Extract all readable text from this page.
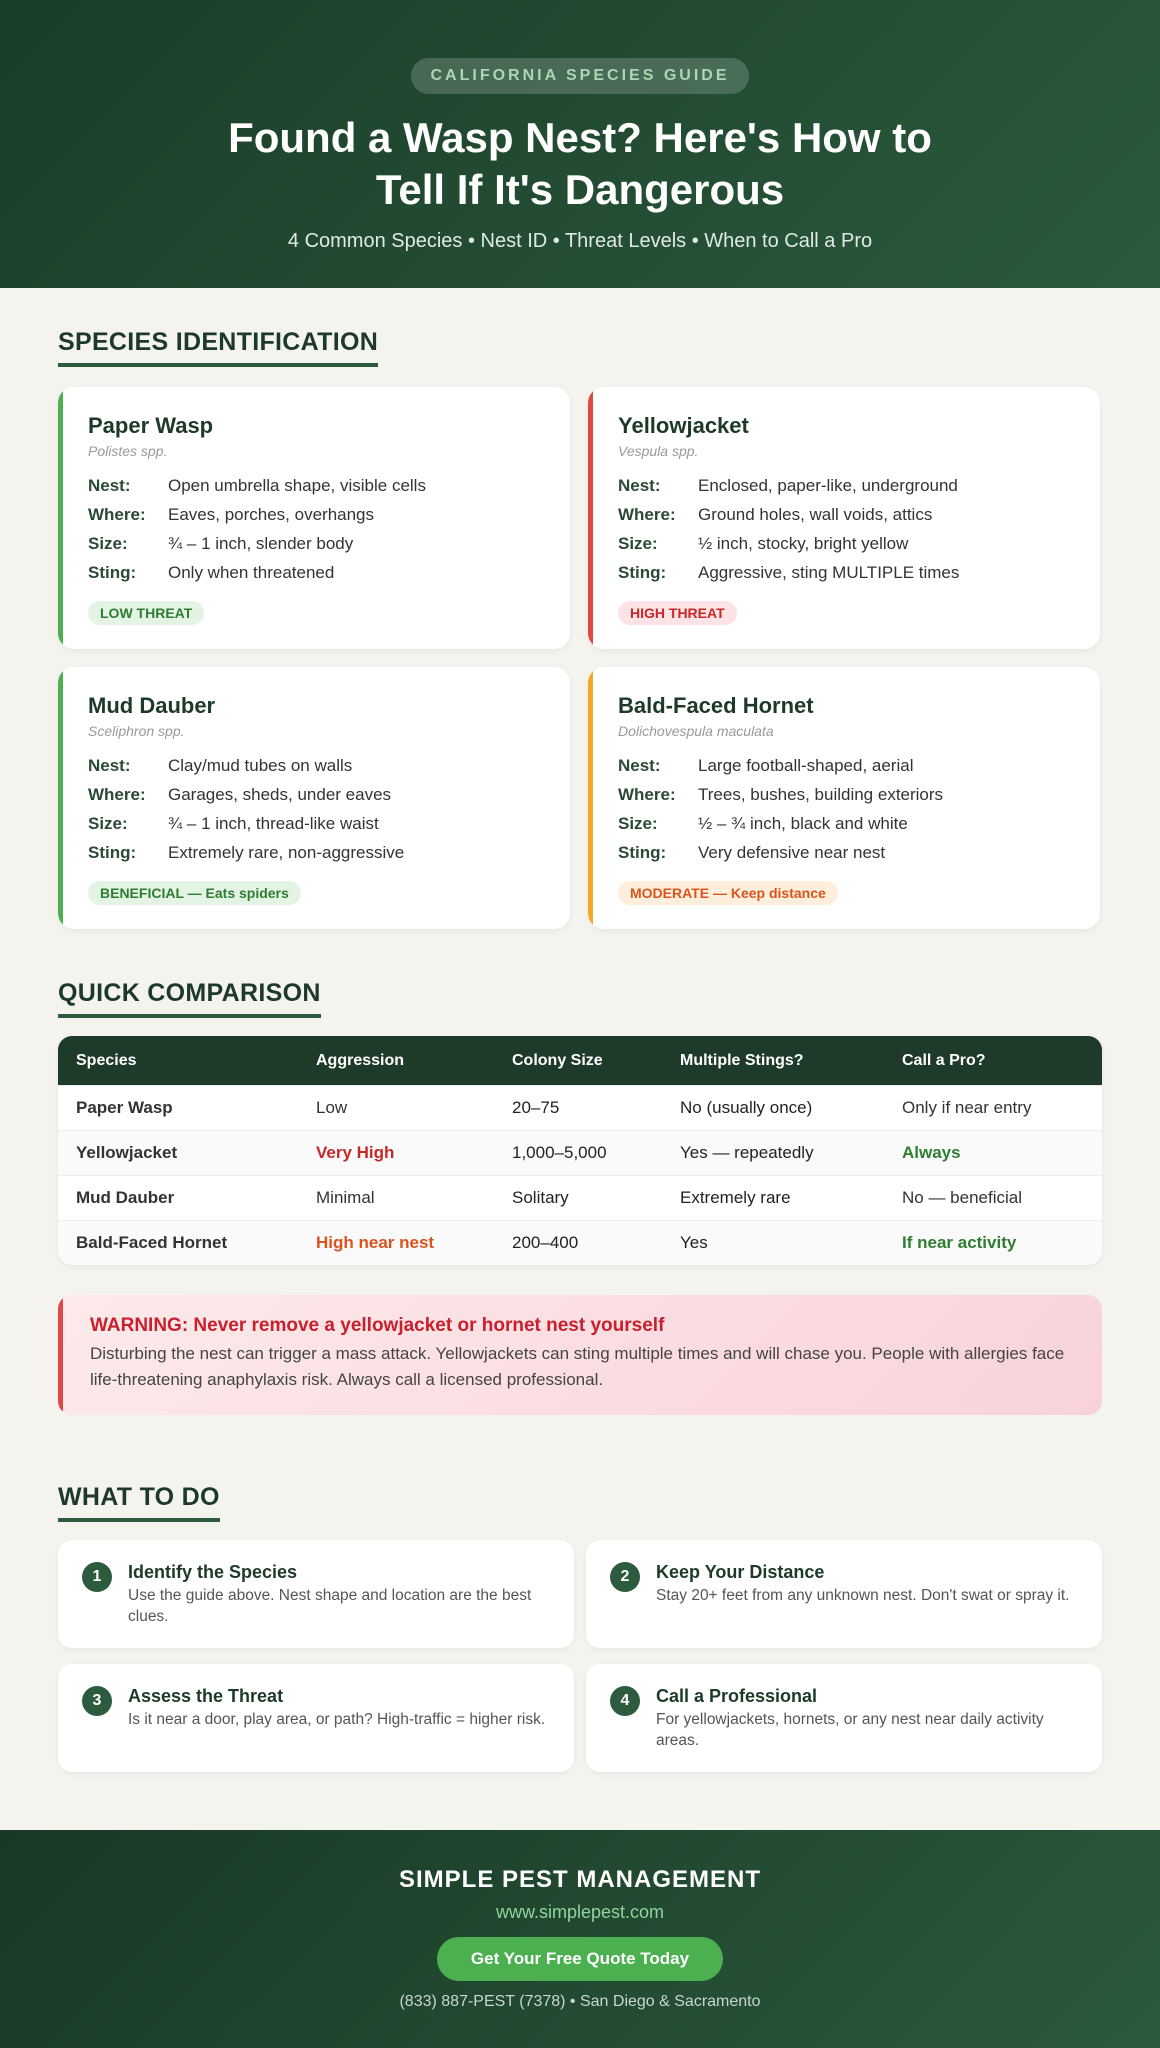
CALIFORNIA SPECIES GUIDE
Found a Wasp Nest? Here's How to Tell If It's Dangerous
4 Common Species • Nest ID • Threat Levels • When to Call a Pro
SPECIES IDENTIFICATION
Paper Wasp
Polistes spp.
Nest:	Open umbrella shape, visible cells
Where:	Eaves, porches, overhangs
Size:	¾ – 1 inch, slender body
Sting:	Only when threatened
LOW THREAT
Yellowjacket
Vespula spp.
Nest:	Enclosed, paper-like, underground
Where:	Ground holes, wall voids, attics
Size:	½ inch, stocky, bright yellow
Sting:	Aggressive, sting MULTIPLE times
HIGH THREAT
Mud Dauber
Sceliphron spp.
Nest:	Clay/mud tubes on walls
Where:	Garages, sheds, under eaves
Size:	¾ – 1 inch, thread-like waist
Sting:	Extremely rare, non-aggressive
BENEFICIAL — Eats spiders
Bald-Faced Hornet
Dolichovespula maculata
Nest:	Large football-shaped, aerial
Where:	Trees, bushes, building exteriors
Size:	½ – ¾ inch, black and white
Sting:	Very defensive near nest
MODERATE — Keep distance
QUICK COMPARISON
Species	Aggression	Colony Size	Multiple Stings?	Call a Pro?
Paper Wasp	Low	20–75	No (usually once)	Only if near entry
Yellowjacket	Very High	1,000–5,000	Yes — repeatedly	Always
Mud Dauber	Minimal	Solitary	Extremely rare	No — beneficial
Bald-Faced Hornet	High near nest	200–400	Yes	If near activity
WARNING: Never remove a yellowjacket or hornet nest yourself

Disturbing the nest can trigger a mass attack. Yellowjackets can sting multiple times and will chase you. People with allergies face life-threatening anaphylaxis risk. Always call a licensed professional.

WHAT TO DO
1	Identify the Species

Use the guide above. Nest shape and location are the best clues.

2	Keep Your Distance

Stay 20+ feet from any unknown nest. Don't swat or spray it.

3	Assess the Threat

Is it near a door, play area, or path? High-traffic = higher risk.

4	Call a Professional

For yellowjackets, hornets, or any nest near daily activity areas.

SIMPLE PEST MANAGEMENT
www.simplepest.com
Get Your Free Quote Today
(833) 887-PEST (7378) • San Diego & Sacramento
